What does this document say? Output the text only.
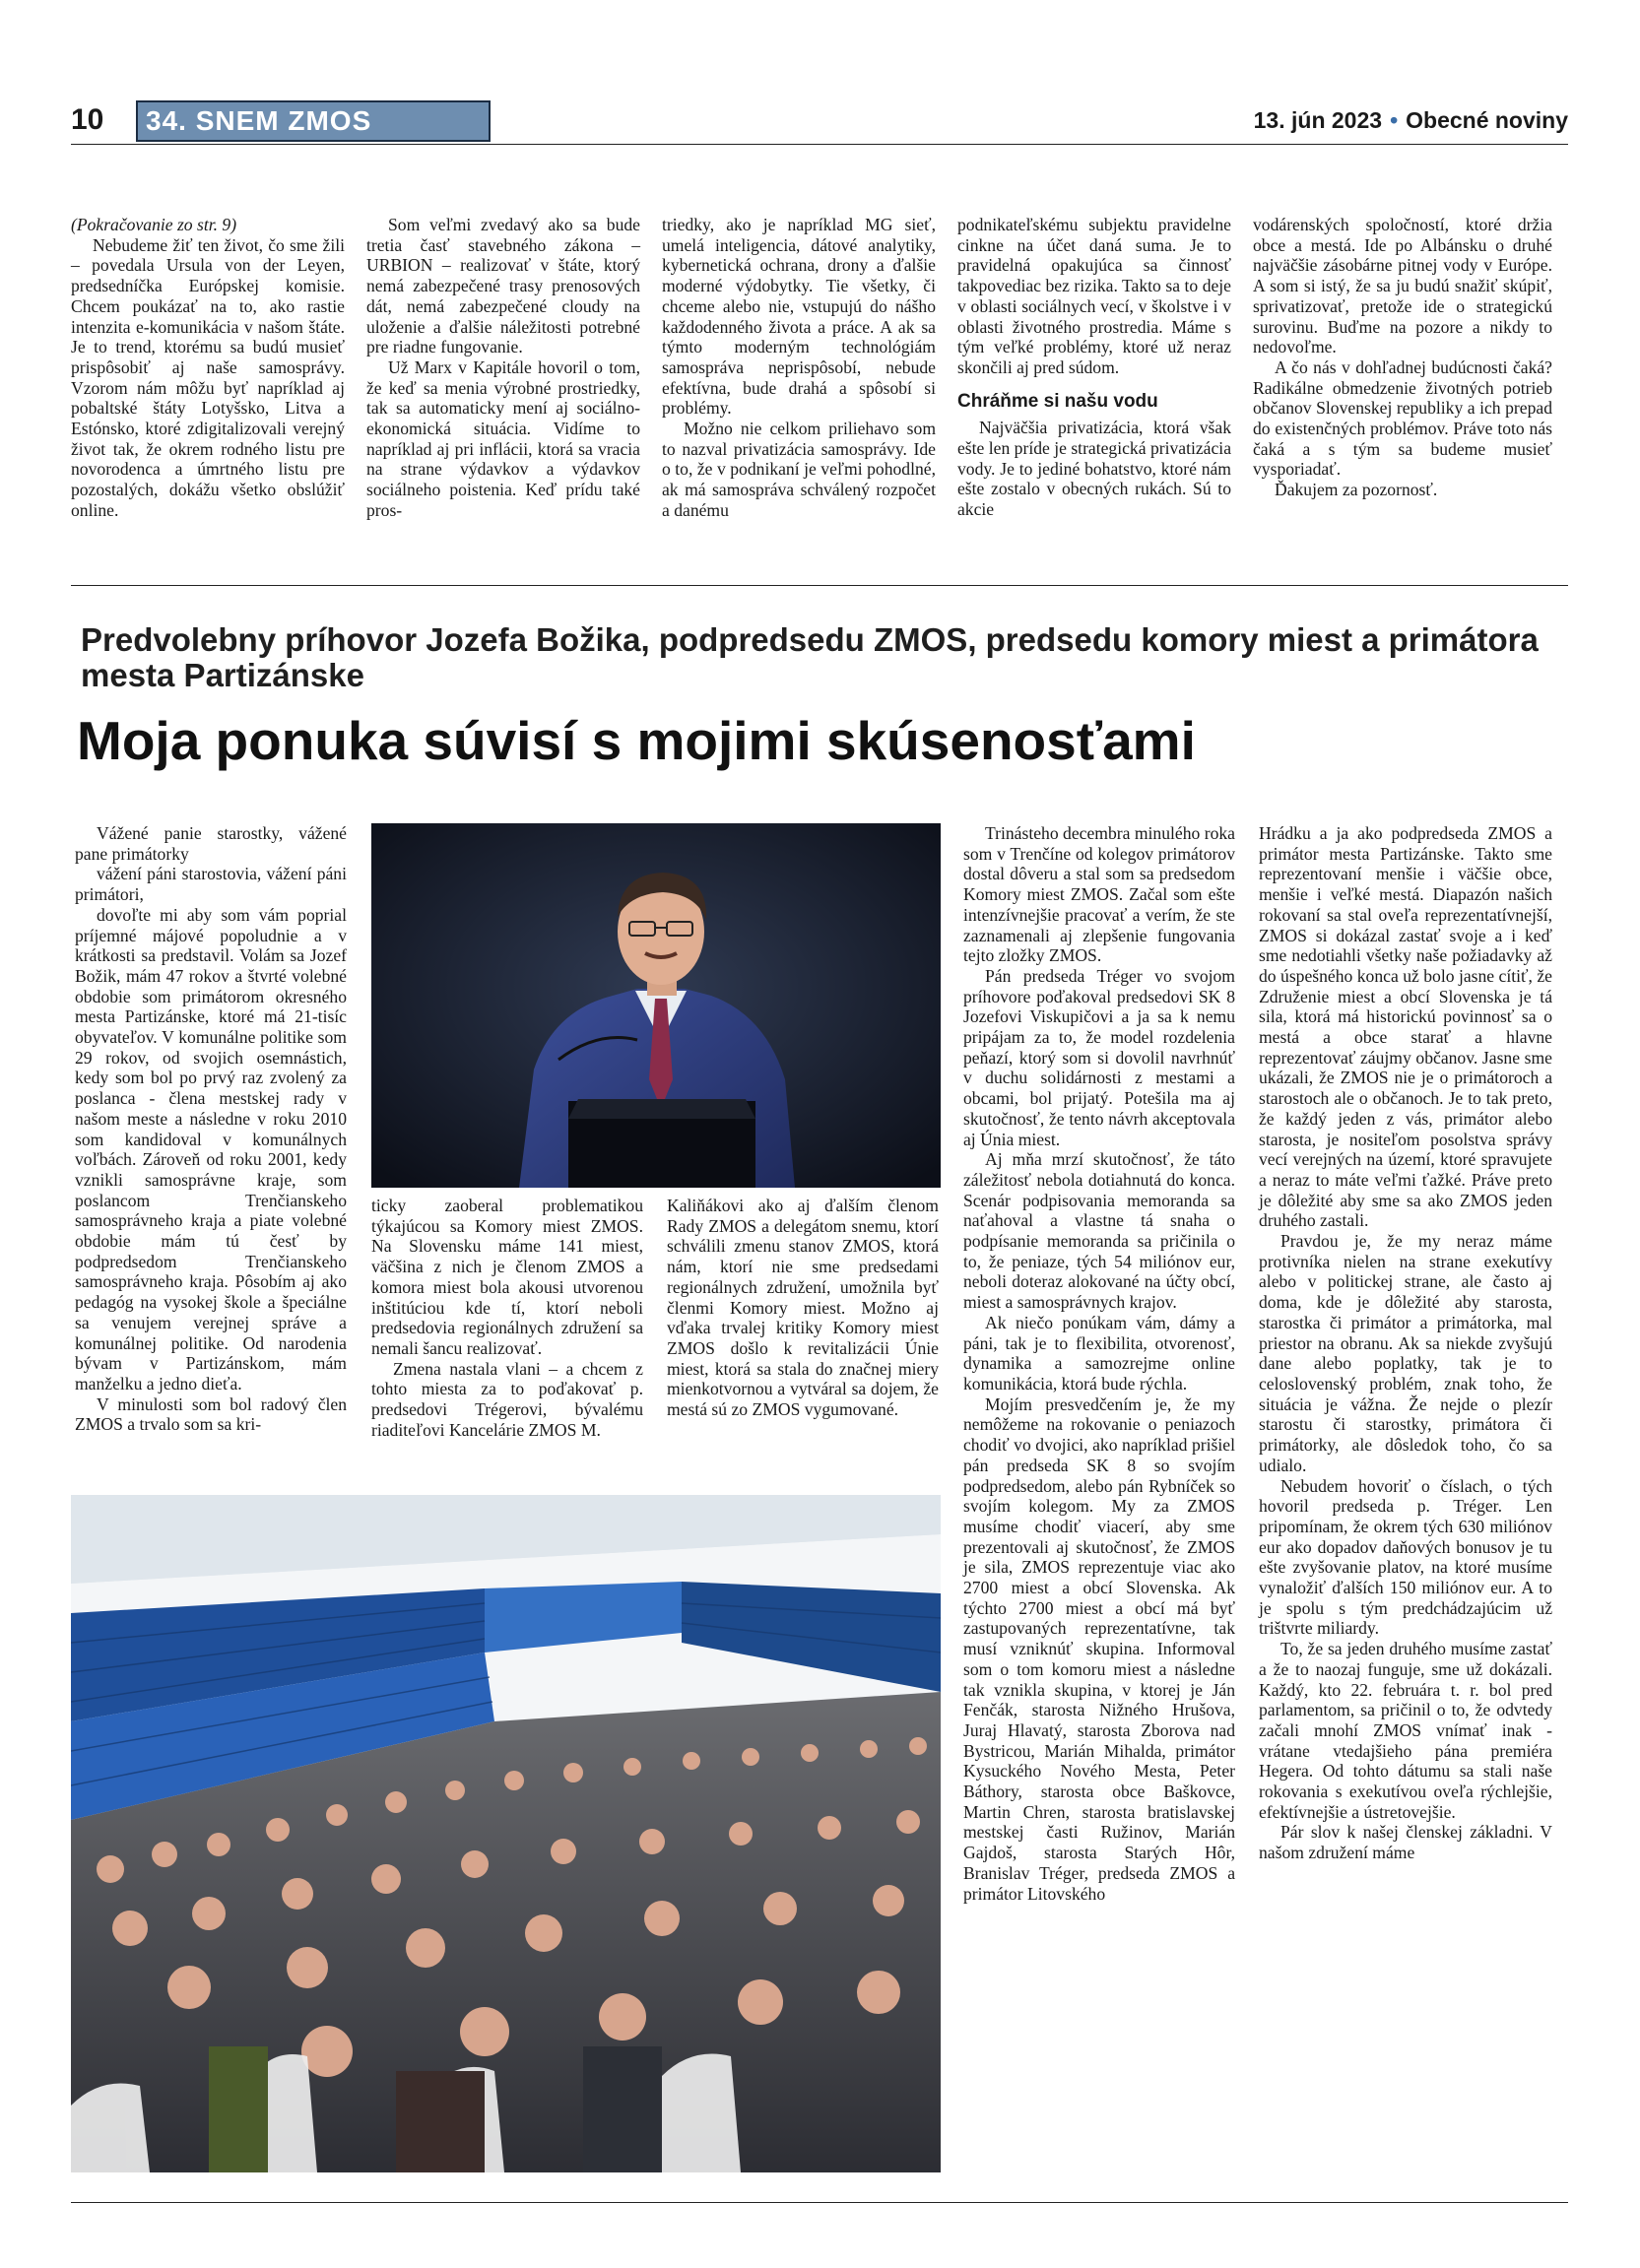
10 34. SNEM ZMOS	13. jún 2023 • Obecné noviny

(Pokračovanie zo str. 9)

Nebudeme žiť ten život, čo sme žili – povedala Ursula von der Leyen, predsedníčka Európskej komisie. Chcem poukázať na to, ako rastie intenzita e-komunikácia v našom štáte. Je to trend, ktorému sa budú musieť prispôsobiť aj naše samosprávy. Vzorom nám môžu byť napríklad aj pobaltské štáty Lotyšsko, Litva a Estónsko, ktoré zdigitalizovali verejný život tak, že okrem rodného listu pre novorodenca a úmrtného listu pre pozostalých, dokážu všetko obslúžiť online.

Som veľmi zvedavý ako sa bude tretia časť stavebného zákona – URBION – realizovať v štáte, ktorý nemá zabezpečené trasy prenosových dát, nemá zabezpečené cloudy na uloženie a ďalšie náležitosti potrebné pre riadne fungovanie.

Už Marx v Kapitále hovoril o tom, že keď sa menia výrobné prostriedky, tak sa automaticky mení aj sociálno-ekonomická situácia. Vidíme to napríklad aj pri inflácii, ktorá sa vracia na strane výdavkov a výdavkov sociálneho poistenia. Keď prídu také pros-

triedky, ako je napríklad MG sieť, umelá inteligencia, dátové analytiky, kybernetická ochrana, drony a ďalšie moderné výdobytky. Tie všetky, či chceme alebo nie, vstupujú do nášho každodenného života a práce. A ak sa týmto moderným technológiám samospráva neprispôsobí, nebude efektívna, bude drahá a spôsobí si problémy.

Možno nie celkom priliehavo som to nazval privatizácia samosprávy. Ide o to, že v podnikaní je veľmi pohodlné, ak má samospráva schválený rozpočet a danému

podnikateľskému subjektu pravidelne cinkne na účet daná suma. Je to pravidelná opakujúca sa činnosť takpovediac bez rizika. Takto sa to deje v oblasti sociálnych vecí, v školstve i v oblasti životného prostredia. Máme s tým veľké problémy, ktoré už neraz skončili aj pred súdom.

Chráňme si našu vodu

Najväčšia privatizácia, ktorá však ešte len príde je strategická privatizácia vody. Je to jediné bohatstvo, ktoré nám ešte zostalo v obecných rukách. Sú to akcie

vodárenských spoločností, ktoré držia obce a mestá. Ide po Albánsku o druhé najväčšie zásobárne pitnej vody v Európe. A som si istý, že sa ju budú snažiť skúpiť, sprivatizovať, pretože ide o strategickú surovinu. Buďme na pozore a nikdy to nedovoľme.

A čo nás v dohľadnej budúcnosti čaká? Radikálne obmedzenie životných potrieb občanov Slovenskej republiky a ich prepad do existenčných problémov. Práve toto nás čaká a s tým sa budeme musieť vysporiadať.

Ďakujem za pozornosť.

Predvolebny príhovor Jozefa Božika, podpredsedu ZMOS, predsedu komory miest a primátora mesta Partizánske
Moja ponuka súvisí s mojimi skúsenosťami

Vážené panie starostky, vážené pane primátorky

vážení páni starostovia, vážení páni primátori,

dovoľte mi aby som vám poprial príjemné májové popoludnie a v krátkosti sa predstavil. Volám sa Jozef Božik, mám 47 rokov a štvrté volebné obdobie som primátorom okresného mesta Partizánske, ktoré má 21-tisíc obyvateľov. V komunálne politike som 29 rokov, od svojich osemnástich, kedy som bol po prvý raz zvolený za poslanca - člena mestskej rady v našom meste a následne v roku 2010 som kandidoval v komunálnych voľbách. Zároveň od roku 2001, kedy vznikli samosprávne kraje, som poslancom Trenčianskeho samosprávneho kraja a piate volebné obdobie mám tú česť by podpredsedom Trenčianskeho samosprávneho kraja. Pôsobím aj ako pedagóg na vysokej škole a špeciálne sa venujem verejnej správe a komunálnej politike. Od narodenia bývam v Partizánskom, mám manželku a jedno dieťa.

V minulosti som bol radový člen ZMOS a trvalo som sa kri-

ticky zaoberal problematikou týkajúcou sa Komory miest ZMOS. Na Slovensku máme 141 miest, väčšina z nich je členom ZMOS a komora miest bola akousi utvorenou inštitúciou kde tí, ktorí neboli predsedovia regionálnych združení sa nemali šancu realizovať.

Zmena nastala vlani – a chcem z tohto miesta za to poďakovať p. predsedovi Trégerovi, bývalému riaditeľovi Kancelárie ZMOS M.

Kaliňákovi ako aj ďalším členom Rady ZMOS a delegátom snemu, ktorí schválili zmenu stanov ZMOS, ktorá nám, ktorí nie sme predsedami regionálnych združení, umožnila byť členmi Komory miest. Možno aj vďaka trvalej kritiky Komory miest ZMOS došlo k revitalizácii Únie miest, ktorá sa stala do značnej miery mienkotvornou a vytváral sa dojem, že mestá sú zo ZMOS vygumované.

Trinásteho decembra minulého roka som v Trenčíne od kolegov primátorov dostal dôveru a stal som sa predsedom Komory miest ZMOS. Začal som ešte intenzívnejšie pracovať a verím, že ste zaznamenali aj zlepšenie fungovania tejto zložky ZMOS.

Pán predseda Tréger vo svojom príhovore poďakoval predsedovi SK 8 Jozefovi Viskupičovi a ja sa k nemu pripájam za to, že model rozdelenia peňazí, ktorý som si dovolil navrhnúť v duchu solidárnosti z mestami a obcami, bol prijatý. Potešila ma aj skutočnosť, že tento návrh akceptovala aj Únia miest.

Aj mňa mrzí skutočnosť, že táto záležitosť nebola dotiahnutá do konca. Scenár podpisovania memoranda sa naťahoval a vlastne tá snaha o podpísanie memoranda sa pričinila o to, že peniaze, tých 54 miliónov eur, neboli doteraz alokované na účty obcí, miest a samosprávnych krajov.

Ak niečo ponúkam vám, dámy a páni, tak je to flexibilita, otvorenosť, dynamika a samozrejme online komunikácia, ktorá bude rýchla.

Mojím presvedčením je, že my nemôžeme na rokovanie o peniazoch chodiť vo dvojici, ako napríklad prišiel pán predseda SK 8 so svojím podpredsedom, alebo pán Rybníček so svojím kolegom. My za ZMOS musíme chodiť viacerí, aby sme prezentovali aj skutočnosť, že ZMOS je sila, ZMOS reprezentuje viac ako 2700 miest a obcí Slovenska. Ak týchto 2700 miest a obcí má byť zastupovaných reprezentatívne, tak musí vzniknúť skupina. Informoval som o tom komoru miest a následne tak vznikla skupina, v ktorej je Ján Fenčák, starosta Nižného Hrušova, Juraj Hlavatý, starosta Zborova nad Bystricou, Marián Mihalda, primátor Kysuckého Nového Mesta, Peter Báthory, starosta obce Baškovce, Martin Chren, starosta bratislavskej mestskej časti Ružinov, Marián Gajdoš, starosta Starých Hôr, Branislav Tréger, predseda ZMOS a primátor Litovského

Hrádku a ja ako podpredseda ZMOS a primátor mesta Partizánske. Takto sme reprezentovaní menšie i väčšie obce, menšie i veľké mestá. Diapazón našich rokovaní sa stal oveľa reprezentatívnejší, ZMOS si dokázal zastať svoje a i keď sme nedotiahli všetky naše požiadavky až do úspešného konca už bolo jasne cítiť, že Združenie miest a obcí Slovenska je tá sila, ktorá má historickú povinnosť sa o mestá a obce starať a hlavne reprezentovať záujmy občanov. Jasne sme ukázali, že ZMOS nie je o primátoroch a starostoch ale o občanoch. Je to tak preto, že každý jeden z vás, primátor alebo starosta, je nositeľom posolstva správy vecí verejných na území, ktoré spravujete a neraz to máte veľmi ťažké. Práve preto je dôležité aby sme sa ako ZMOS jeden druhého zastali.

Pravdou je, že my neraz máme protivníka nielen na strane exekutívy alebo v politickej strane, ale často aj doma, kde je dôležité aby starosta, starostka či primátor a primátorka, mal priestor na obranu. Ak sa niekde zvyšujú dane alebo poplatky, tak je to celoslovenský problém, znak toho, že situácia je vážna. Že nejde o plezír starostu či starostky, primátora či primátorky, ale dôsledok toho, čo sa udialo.

Nebudem hovoriť o číslach, o tých hovoril predseda p. Tréger. Len pripomínam, že okrem tých 630 miliónov eur ako dopadov daňových bonusov je tu ešte zvyšovanie platov, na ktoré musíme vynaložiť ďalších 150 miliónov eur. A to je spolu s tým predchádzajúcim už trištvrte miliardy.

To, že sa jeden druhého musíme zastať a že to naozaj funguje, sme už dokázali. Každý, kto 22. februára t. r. bol pred parlamentom, sa pričinil o to, že odvtedy začali mnohí ZMOS vnímať inak - vrátane vtedajšieho pána premiéra Hegera. Od tohto dátumu sa stali naše rokovania s exekutívou oveľa rýchlejšie, efektívnejšie a ústretovejšie.

Pár slov k našej členskej základni. V našom združení máme
